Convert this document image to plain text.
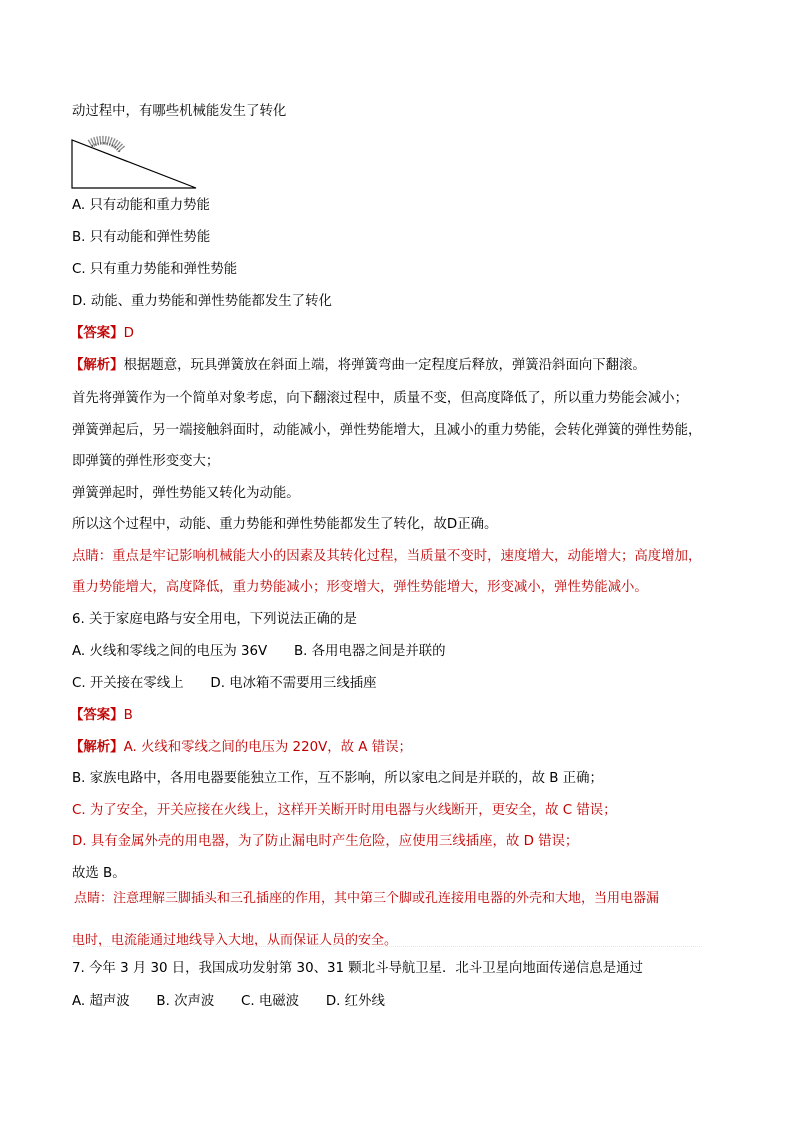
动过程中，有哪些机械能发生了转化
A. 只有动能和重力势能
B. 只有动能和弹性势能
C. 只有重力势能和弹性势能
D. 动能、重力势能和弹性势能都发生了转化
【答案】D
【解析】根据题意，玩具弹簧放在斜面上端，将弹簧弯曲一定程度后释放，弹簧沿斜面向下翻滚。
首先将弹簧作为一个简单对象考虑，向下翻滚过程中，质量不变，但高度降低了，所以重力势能会减小；
弹簧弹起后，另一端接触斜面时，动能减小，弹性势能增大，且减小的重力势能，会转化弹簧的弹性势能，
即弹簧的弹性形变变大；
弹簧弹起时，弹性势能又转化为动能。
所以这个过程中，动能、重力势能和弹性势能都发生了转化，故D正确。
点睛：重点是牢记影响机械能大小的因素及其转化过程，当质量不变时，速度增大，动能增大；高度增加，
重力势能增大，高度降低，重力势能减小；形变增大，弹性势能增大，形变减小，弹性势能减小。
6. 关于家庭电路与安全用电，下列说法正确的是
A. 火线和零线之间的电压为 36V　　B. 各用电器之间是并联的
C. 开关接在零线上　　D. 电冰箱不需要用三线插座
【答案】B
【解析】A. 火线和零线之间的电压为 220V，故 A 错误；
B. 家族电路中，各用电器要能独立工作，互不影响，所以家电之间是并联的，故 B 正确；
C. 为了安全，开关应接在火线上，这样开关断开时用电器与火线断开，更安全，故 C 错误；
D. 具有金属外壳的用电器，为了防止漏电时产生危险，应使用三线插座，故 D 错误；
故选 B。
点睛：注意理解三脚插头和三孔插座的作用，其中第三个脚或孔连接用电器的外壳和大地，当用电器漏
电时，电流能通过地线导入大地，从而保证人员的安全。
7. 今年 3 月 30 日，我国成功发射第 30、31 颗北斗导航卫星．北斗卫星向地面传递信息是通过
A. 超声波　　B. 次声波　　C. 电磁波　　D. 红外线
